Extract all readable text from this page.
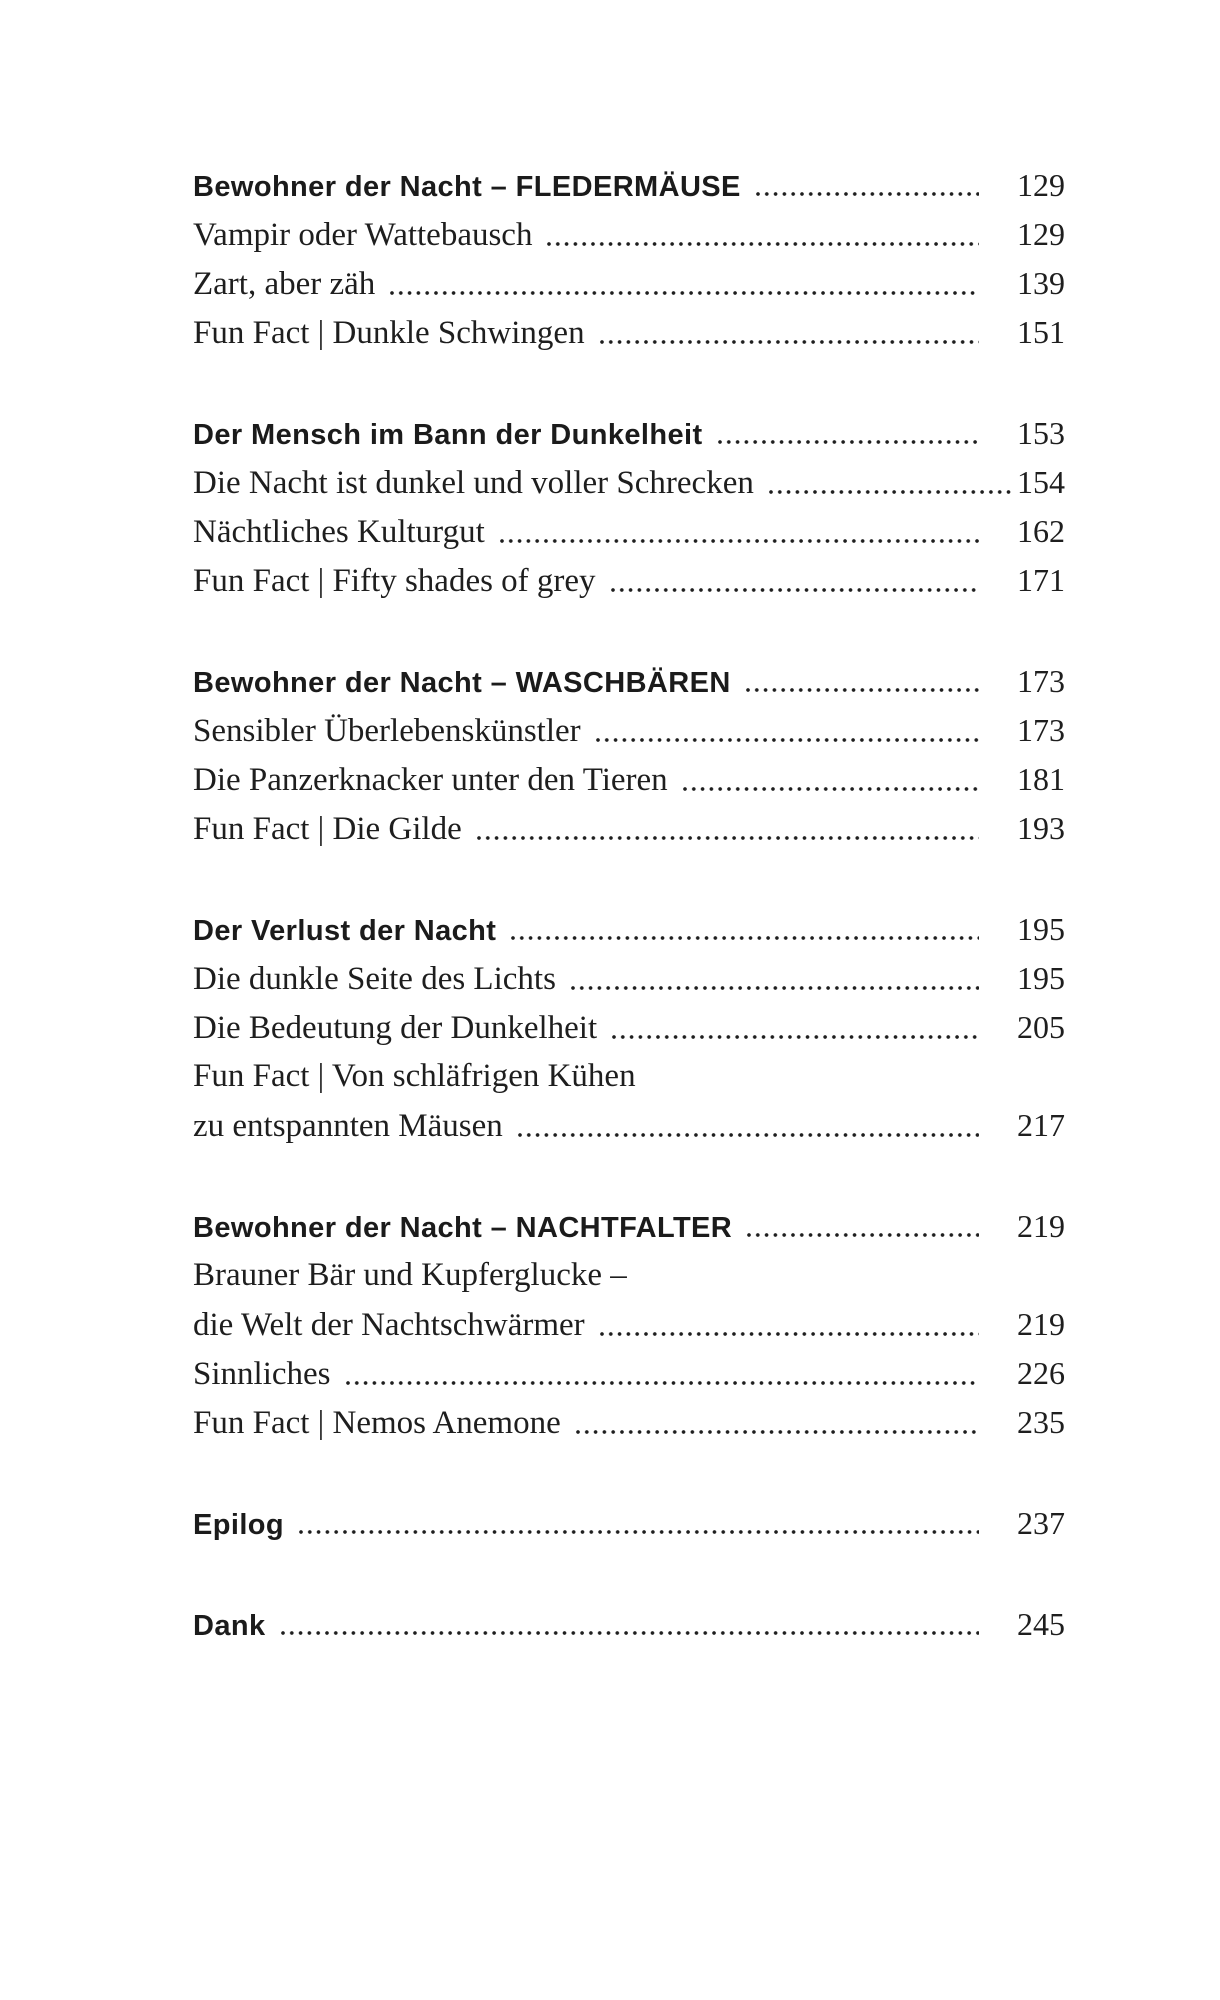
Bewohner der Nacht – FLEDERMÄUSE	129
Vampir oder Wattebausch	129
Zart, aber zäh	139
Fun Fact | Dunkle Schwingen	151
Der Mensch im Bann der Dunkelheit	153
Die Nacht ist dunkel und voller Schrecken	154
Nächtliches Kulturgut	162
Fun Fact | Fifty shades of grey	171
Bewohner der Nacht – WASCHBÄREN	173
Sensibler Überlebenskünstler	173
Die Panzerknacker unter den Tieren	181
Fun Fact | Die Gilde	193
Der Verlust der Nacht	195
Die dunkle Seite des Lichts	195
Die Bedeutung der Dunkelheit	205
Fun Fact | Von schläfrigen Kühen
zu entspannten Mäusen	217
Bewohner der Nacht – NACHTFALTER	219
Brauner Bär und Kupferglucke –
die Welt der Nachtschwärmer	219
Sinnliches	226
Fun Fact | Nemos Anemone	235
Epilog	237
Dank	245
